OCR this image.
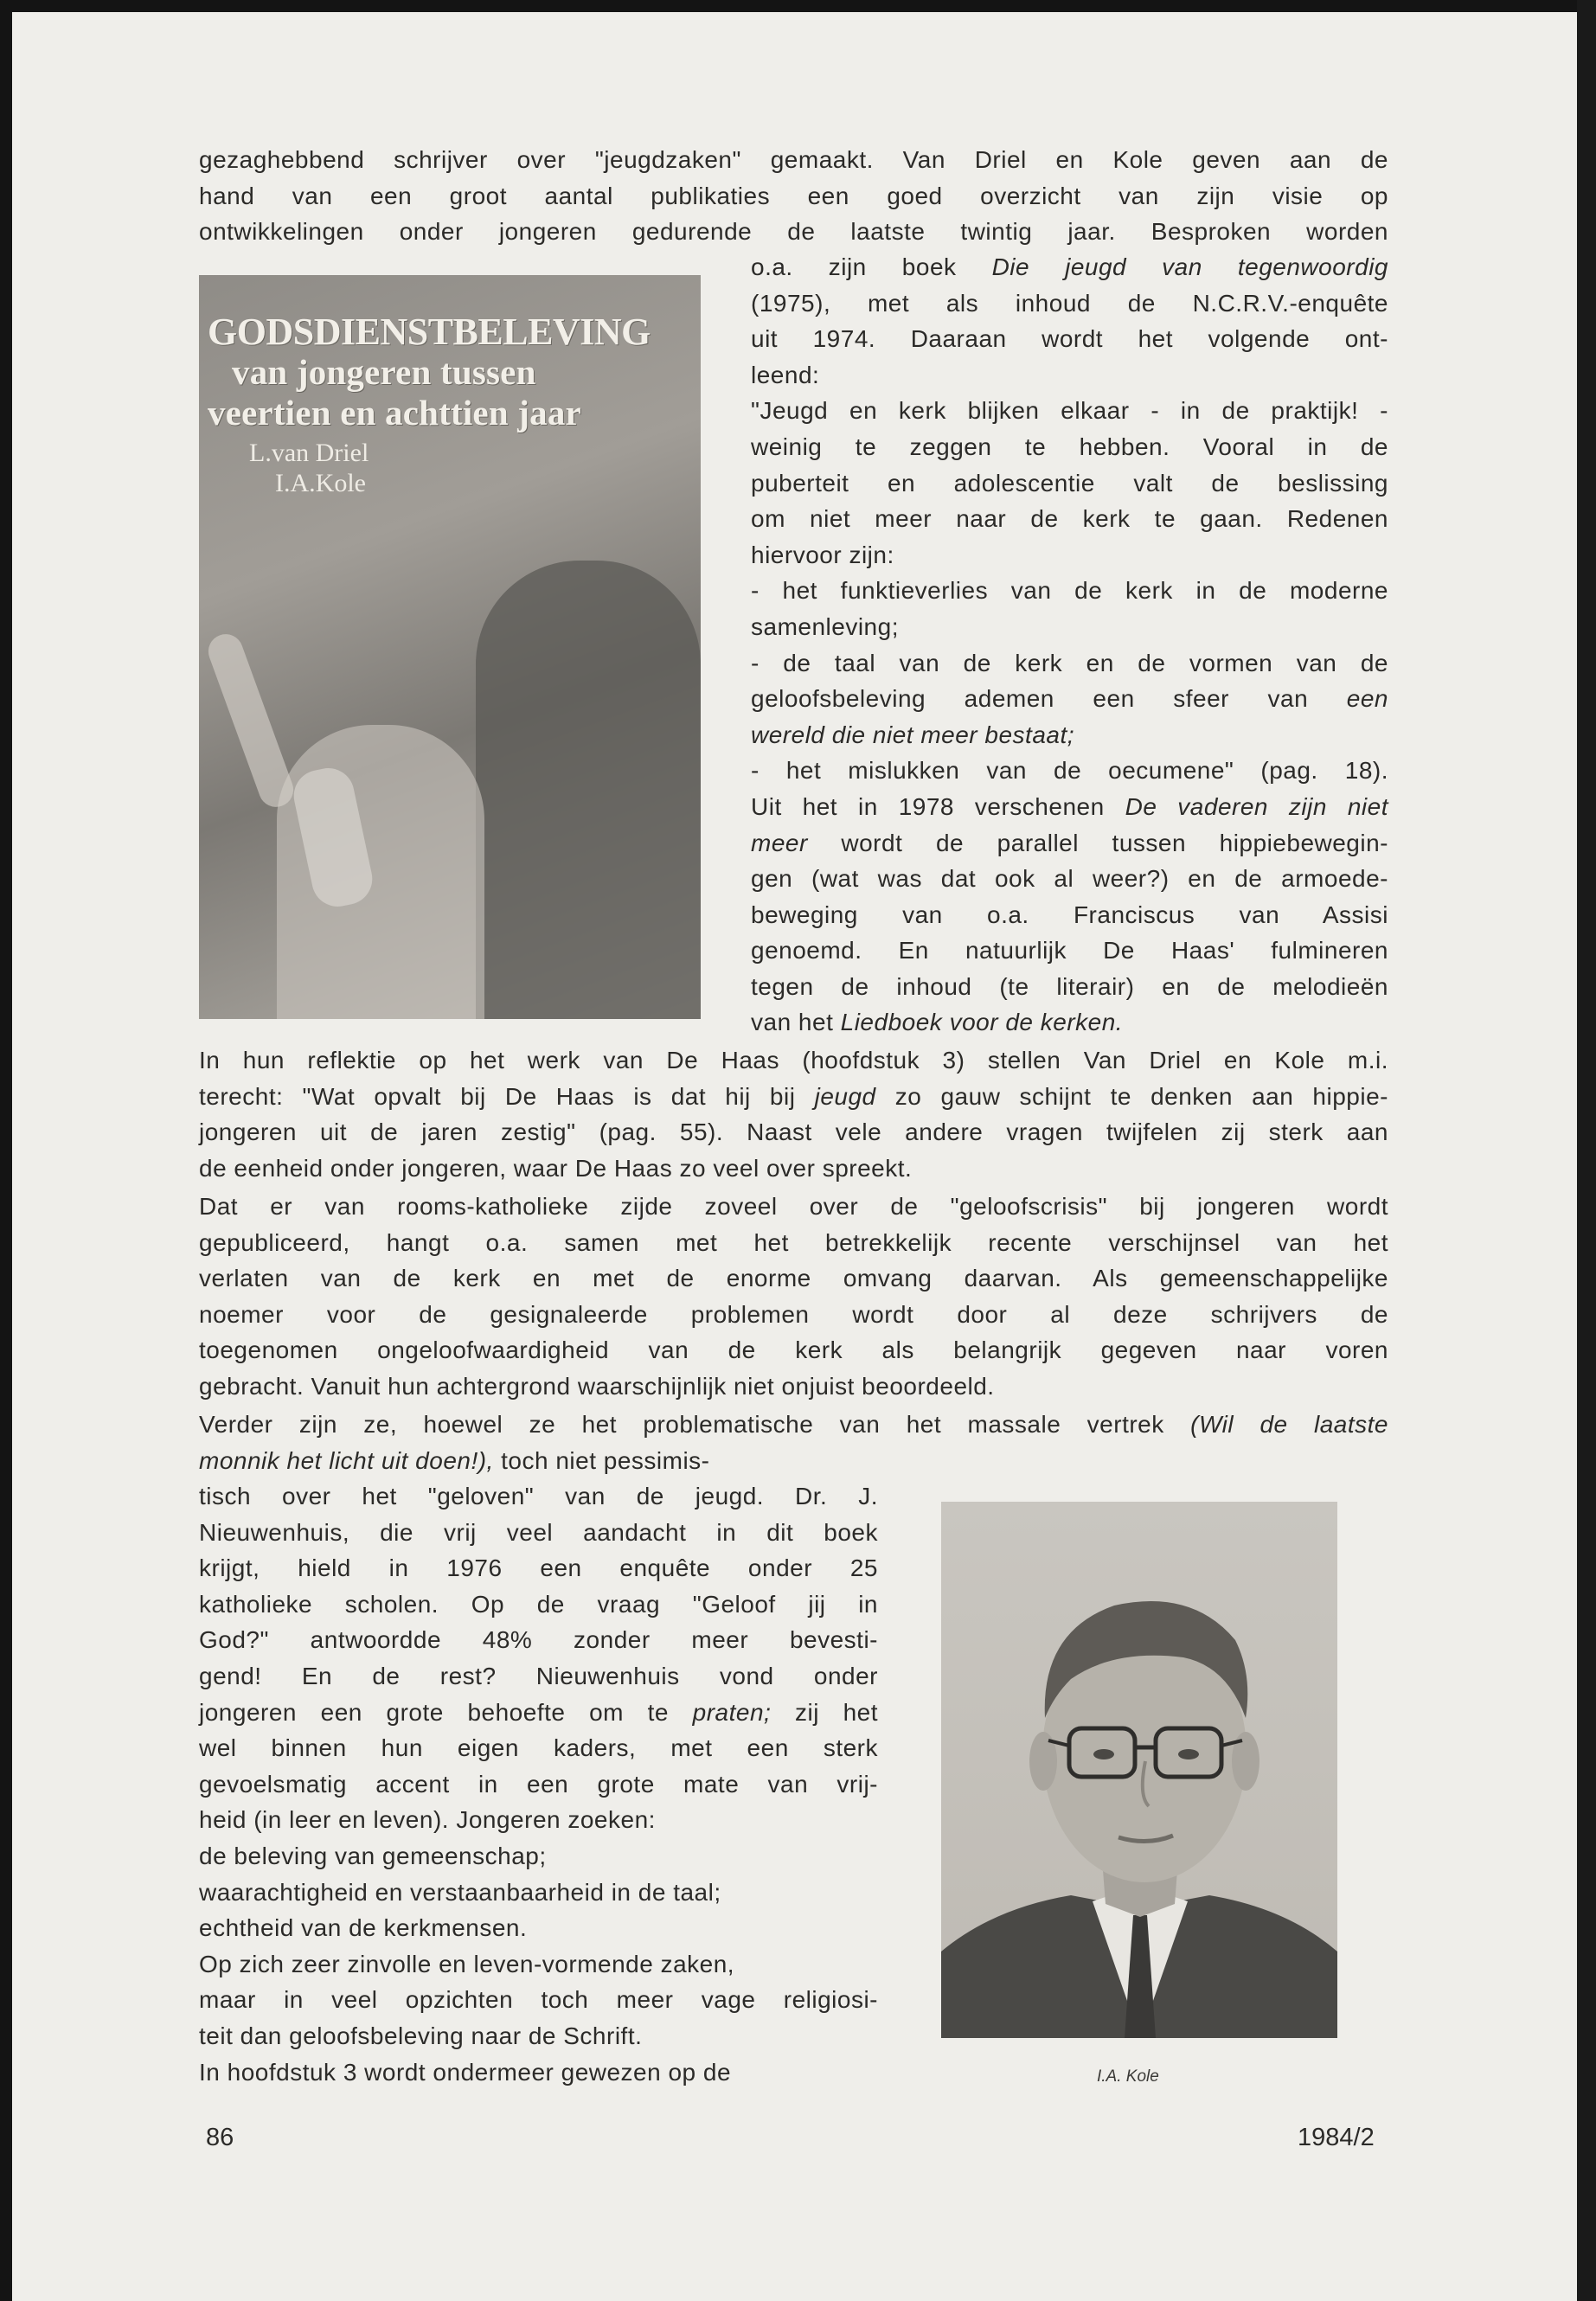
gezaghebbend schrijver over "jeugdzaken" gemaakt. Van Driel en Kole geven aan de

hand van een groot aantal publikaties een goed overzicht van zijn visie op

ontwikkelingen onder jongeren gedurende de laatste twintig jaar. Besproken worden

GODSDIENSTBELEVING
van jongeren tussen
veertien en achttien jaar
L.van Driel
I.A.Kole

o.a. zijn boek Die jeugd van tegenwoordig

(1975), met als inhoud de N.C.R.V.-enquête

uit 1974. Daaraan wordt het volgende ont-

leend:

"Jeugd en kerk blijken elkaar - in de praktijk! -

weinig te zeggen te hebben. Vooral in de

puberteit en adolescentie valt de beslissing

om niet meer naar de kerk te gaan. Redenen

hiervoor zijn:

- het funktieverlies van de kerk in de moderne

samenleving;

- de taal van de kerk en de vormen van de

geloofsbeleving ademen een sfeer van een

wereld die niet meer bestaat;

- het mislukken van de oecumene" (pag. 18).

Uit het in 1978 verschenen De vaderen zijn niet

meer wordt de parallel tussen hippiebewegin-

gen (wat was dat ook al weer?) en de armoede-

beweging van o.a. Franciscus van Assisi

genoemd. En natuurlijk De Haas' fulmineren

tegen de inhoud (te literair) en de melodieën

van het Liedboek voor de kerken.

In hun reflektie op het werk van De Haas (hoofdstuk 3) stellen Van Driel en Kole m.i.

terecht: "Wat opvalt bij De Haas is dat hij bij jeugd zo gauw schijnt te denken aan hippie-

jongeren uit de jaren zestig" (pag. 55). Naast vele andere vragen twijfelen zij sterk aan

de eenheid onder jongeren, waar De Haas zo veel over spreekt.

Dat er van rooms-katholieke zijde zoveel over de "geloofscrisis" bij jongeren wordt

gepubliceerd, hangt o.a. samen met het betrekkelijk recente verschijnsel van het

verlaten van de kerk en met de enorme omvang daarvan. Als gemeenschappelijke

noemer voor de gesignaleerde problemen wordt door al deze schrijvers de

toegenomen ongeloofwaardigheid van de kerk als belangrijk gegeven naar voren

gebracht. Vanuit hun achtergrond waarschijnlijk niet onjuist beoordeeld.

Verder zijn ze, hoewel ze het problematische van het massale vertrek (Wil de laatste

monnik het licht uit doen!), toch niet pessimis-

tisch over het "geloven" van de jeugd. Dr. J.

Nieuwenhuis, die vrij veel aandacht in dit boek

krijgt, hield in 1976 een enquête onder 25

katholieke scholen. Op de vraag "Geloof jij in

God?" antwoordde 48% zonder meer bevesti-

gend! En de rest? Nieuwenhuis vond onder

jongeren een grote behoefte om te praten; zij het

wel binnen hun eigen kaders, met een sterk

gevoelsmatig accent in een grote mate van vrij-

heid (in leer en leven). Jongeren zoeken:

de beleving van gemeenschap;

waarachtigheid en verstaanbaarheid in de taal;

echtheid van de kerkmensen.

Op zich zeer zinvolle en leven-vormende zaken,

maar in veel opzichten toch meer vage religiosi-

teit dan geloofsbeleving naar de Schrift.

In hoofdstuk 3 wordt ondermeer gewezen op de	I.A. Kole
86	1984/2
